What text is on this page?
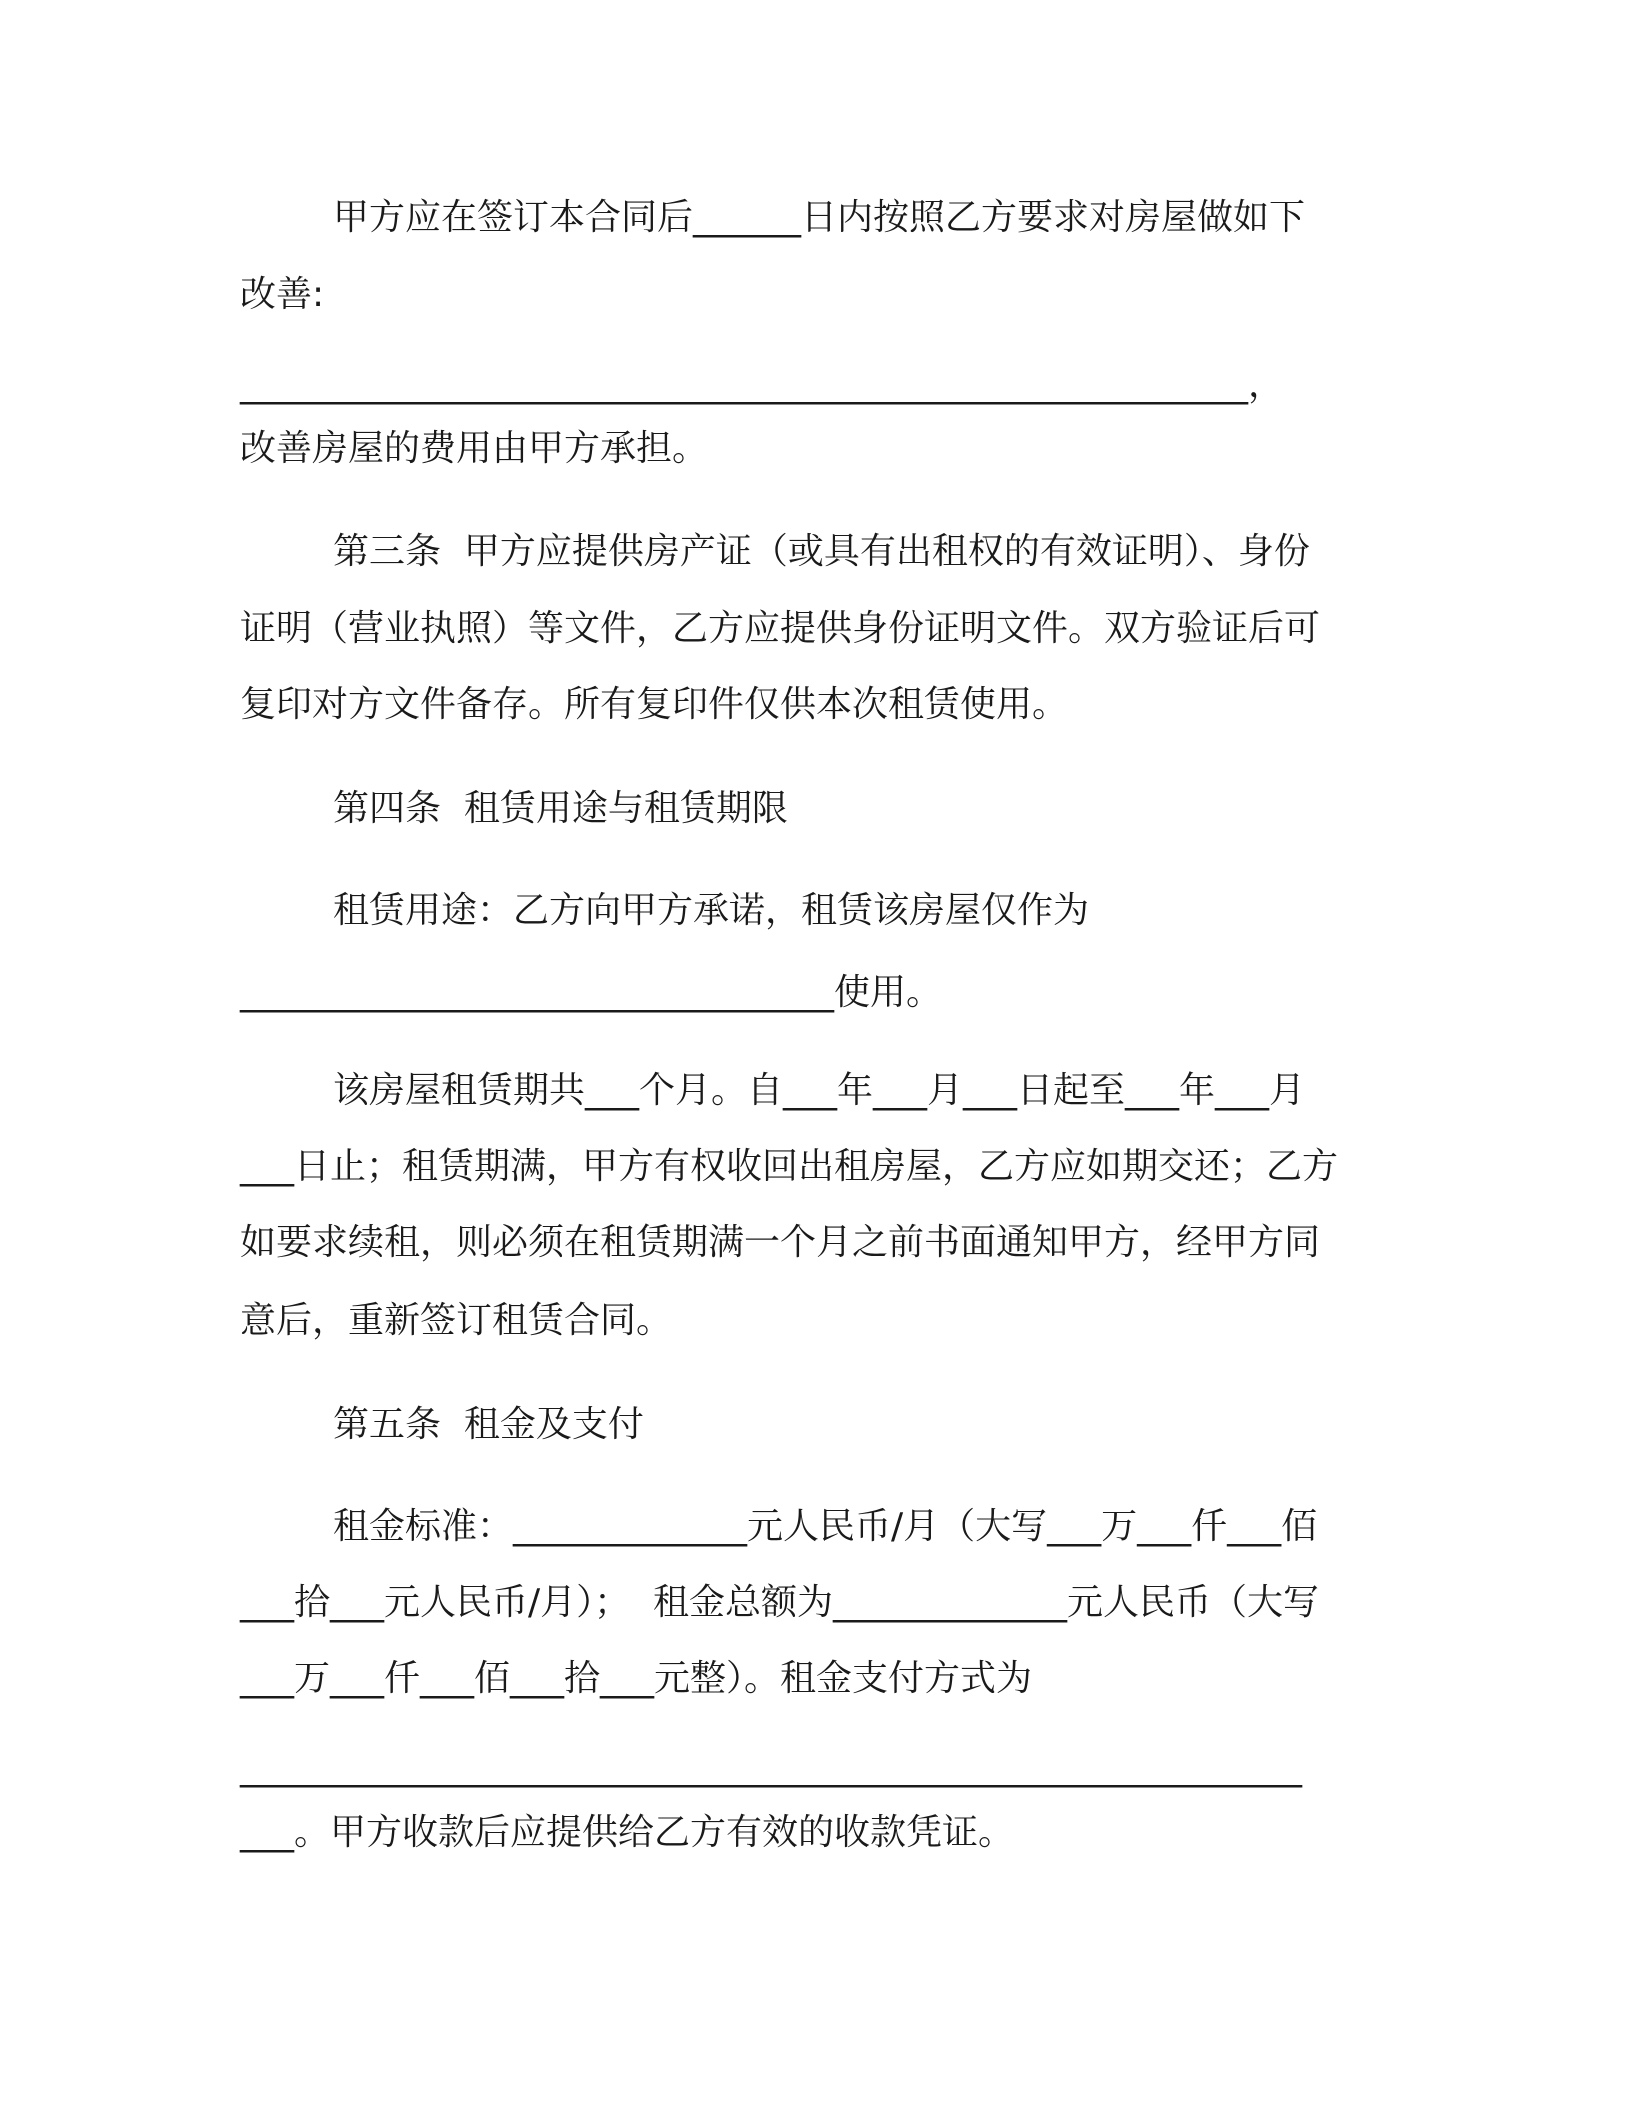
甲方应在签订本合同后______日内按照乙方要求对房屋做如下

改善:

________________________________________________________，

改善房屋的费用由甲方承担。

第三条  甲方应提供房产证（或具有出租权的有效证明）、身份

证明（营业执照）等文件，乙方应提供身份证明文件。双方验证后可

复印对方文件备存。所有复印件仅供本次租赁使用。

第四条  租赁用途与租赁期限

租赁用途：乙方向甲方承诺，租赁该房屋仅作为

_________________________________使用。

该房屋租赁期共___个月。自___年___月___日起至___年___月

___日止；租赁期满，甲方有权收回出租房屋，乙方应如期交还；乙方

如要求续租，则必须在租赁期满一个月之前书面通知甲方，经甲方同

意后，重新签订租赁合同。

第五条  租金及支付

租金标准：_____________元人民币/月（大写___万___仟___佰

___拾___元人民币/月）；  租金总额为_____________元人民币（大写

___万___仟___佰___拾___元整）。租金支付方式为

___________________________________________________________

___。甲方收款后应提供给乙方有效的收款凭证。
